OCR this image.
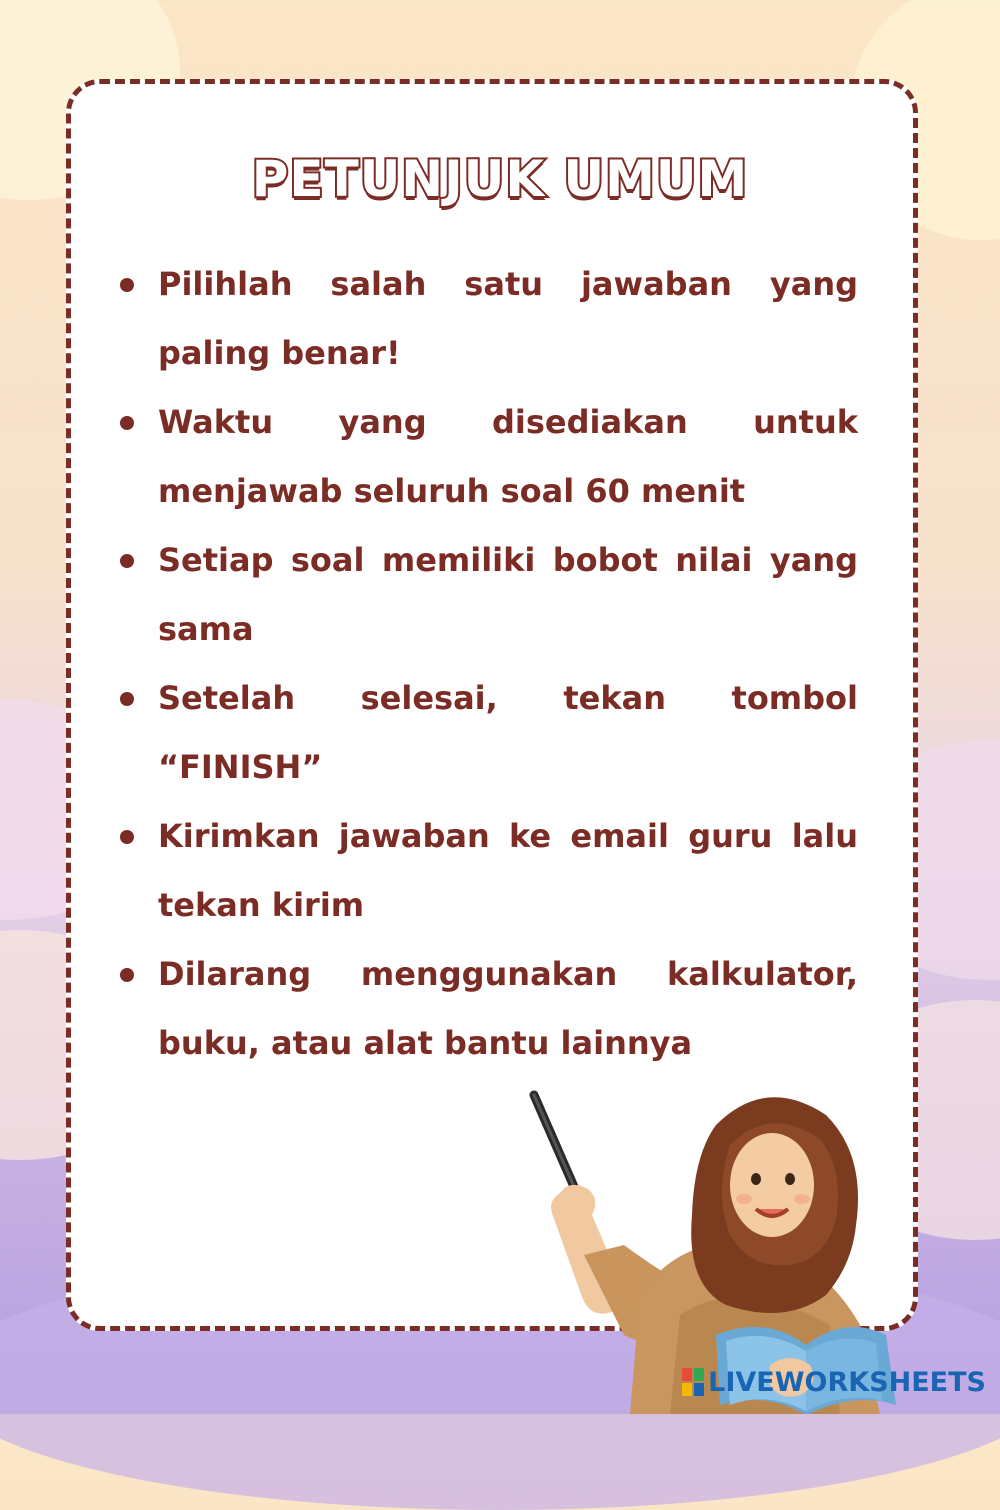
PETUNJUK UMUM
Pilihlah salah satu jawaban yang paling benar!
Waktu yang disediakan untuk menjawab seluruh soal 60 menit
Setiap soal memiliki bobot nilai yang sama
Setelah selesai, tekan tombol “FINISH”
Kirimkan jawaban ke email guru lalu tekan kirim
Dilarang menggunakan kalkulator, buku, atau alat bantu lainnya
LIVEWORKSHEETS
